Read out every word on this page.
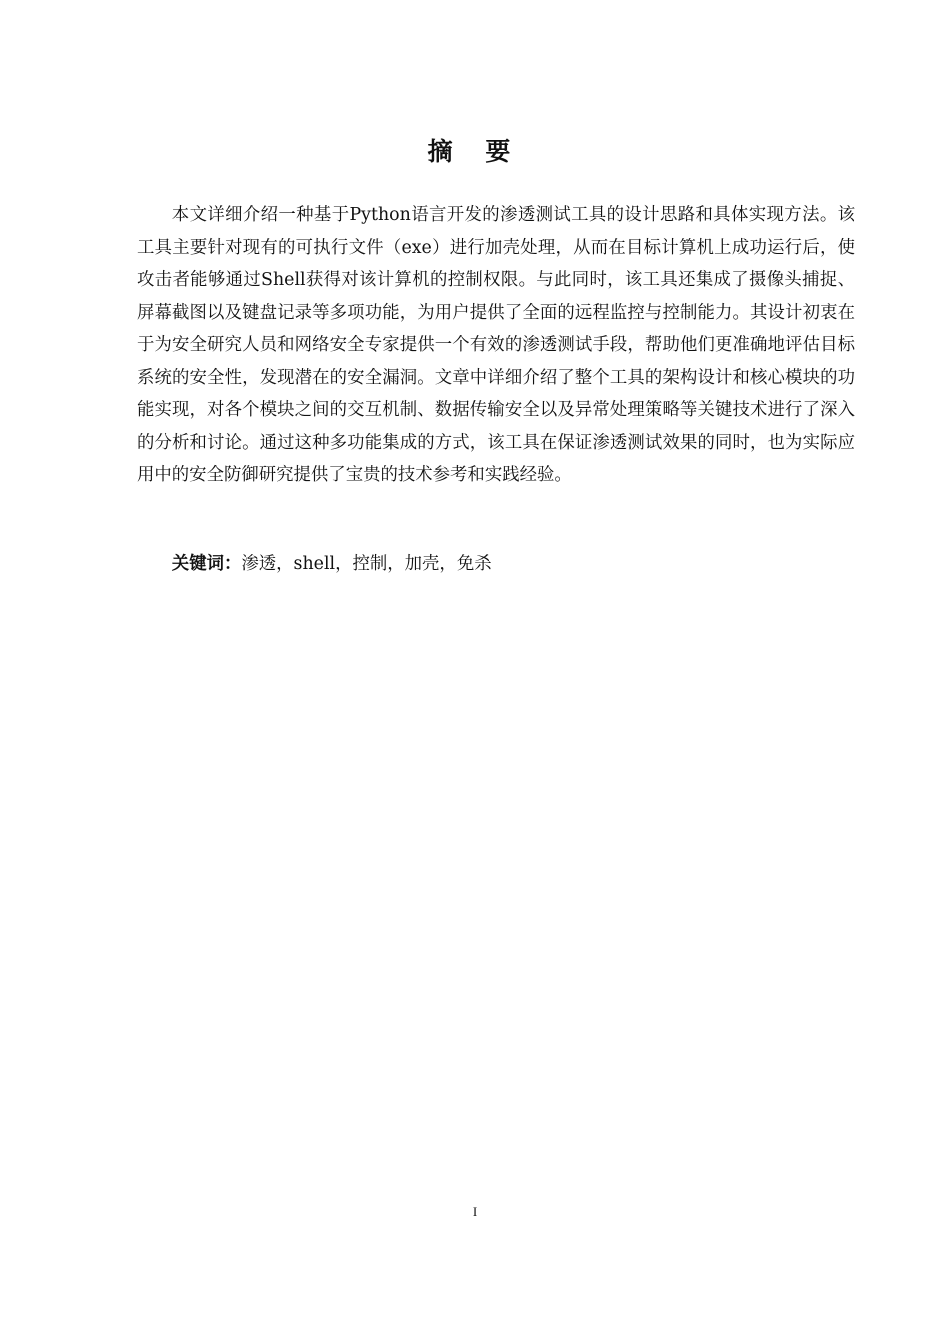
摘 要

本文详细介绍一种基于Python语言开发的渗透测试工具的设计思路和具体实现方法。该工具主要针对现有的可执行文件（exe）进行加壳处理，从而在目标计算机上成功运行后，使攻击者能够通过Shell获得对该计算机的控制权限。与此同时，该工具还集成了摄像头捕捉、屏幕截图以及键盘记录等多项功能，为用户提供了全面的远程监控与控制能力。其设计初衷在于为安全研究人员和网络安全专家提供一个有效的渗透测试手段，帮助他们更准确地评估目标系统的安全性，发现潜在的安全漏洞。文章中详细介绍了整个工具的架构设计和核心模块的功能实现，对各个模块之间的交互机制、数据传输安全以及异常处理策略等关键技术进行了深入的分析和讨论。通过这种多功能集成的方式，该工具在保证渗透测试效果的同时，也为实际应用中的安全防御研究提供了宝贵的技术参考和实践经验。

关键词：渗透，shell，控制，加壳，免杀

I
